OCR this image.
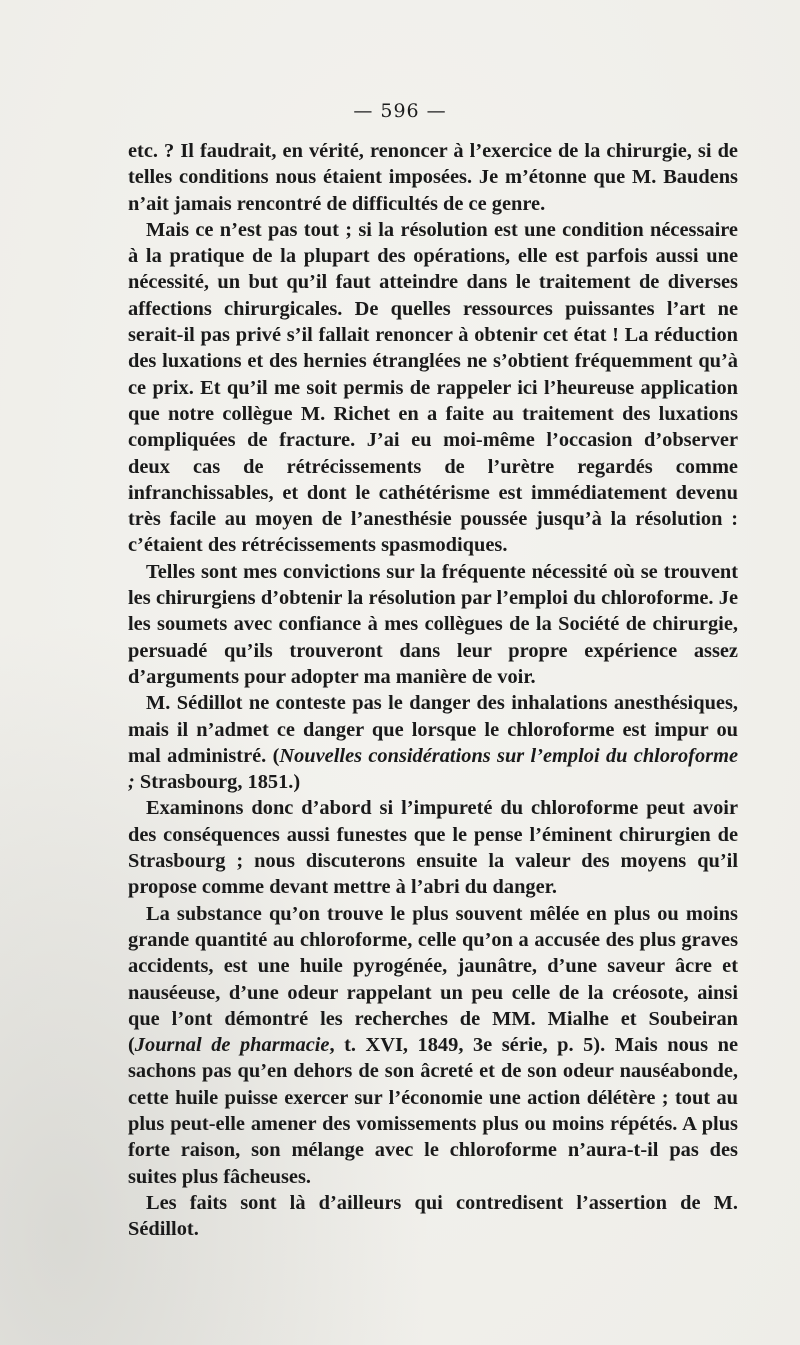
— 596 —

etc. ? Il faudrait, en vérité, renoncer à l’exercice de la chirurgie, si de telles conditions nous étaient imposées. Je m’étonne que M. Baudens n’ait jamais rencontré de difficultés de ce genre.

Mais ce n’est pas tout ; si la résolution est une condition nécessaire à la pratique de la plupart des opérations, elle est parfois aussi une nécessité, un but qu’il faut atteindre dans le traitement de diverses affections chirurgicales. De quelles ressources puissantes l’art ne serait-il pas privé s’il fallait renoncer à obtenir cet état ! La réduction des luxations et des hernies étranglées ne s’obtient fréquemment qu’à ce prix. Et qu’il me soit permis de rappeler ici l’heureuse application que notre collègue M. Richet en a faite au traitement des luxations compliquées de fracture. J’ai eu moi-même l’occasion d’observer deux cas de rétrécissements de l’urètre regardés comme infranchissables, et dont le cathétérisme est immédiatement devenu très facile au moyen de l’anesthésie poussée jusqu’à la résolution : c’étaient des rétrécissements spasmodiques.

Telles sont mes convictions sur la fréquente nécessité où se trouvent les chirurgiens d’obtenir la résolution par l’emploi du chloroforme. Je les soumets avec confiance à mes collègues de la Société de chirurgie, persuadé qu’ils trouveront dans leur propre expérience assez d’arguments pour adopter ma manière de voir.

M. Sédillot ne conteste pas le danger des inhalations anesthésiques, mais il n’admet ce danger que lorsque le chloroforme est impur ou mal administré. (Nouvelles considérations sur l’emploi du chloroforme ; Strasbourg, 1851.)

Examinons donc d’abord si l’impureté du chloroforme peut avoir des conséquences aussi funestes que le pense l’éminent chirurgien de Strasbourg ; nous discuterons ensuite la valeur des moyens qu’il propose comme devant mettre à l’abri du danger.

La substance qu’on trouve le plus souvent mêlée en plus ou moins grande quantité au chloroforme, celle qu’on a accusée des plus graves accidents, est une huile pyrogénée, jaunâtre, d’une saveur âcre et nauséeuse, d’une odeur rappelant un peu celle de la créosote, ainsi que l’ont démontré les recherches de MM. Mialhe et Soubeiran (Journal de pharmacie, t. XVI, 1849, 3e série, p. 5). Mais nous ne sachons pas qu’en dehors de son âcreté et de son odeur nauséabonde, cette huile puisse exercer sur l’économie une action délétère ; tout au plus peut-elle amener des vomissements plus ou moins répétés. A plus forte raison, son mélange avec le chloroforme n’aura-t-il pas des suites plus fâcheuses.

Les faits sont là d’ailleurs qui contredisent l’assertion de M. Sédillot.
